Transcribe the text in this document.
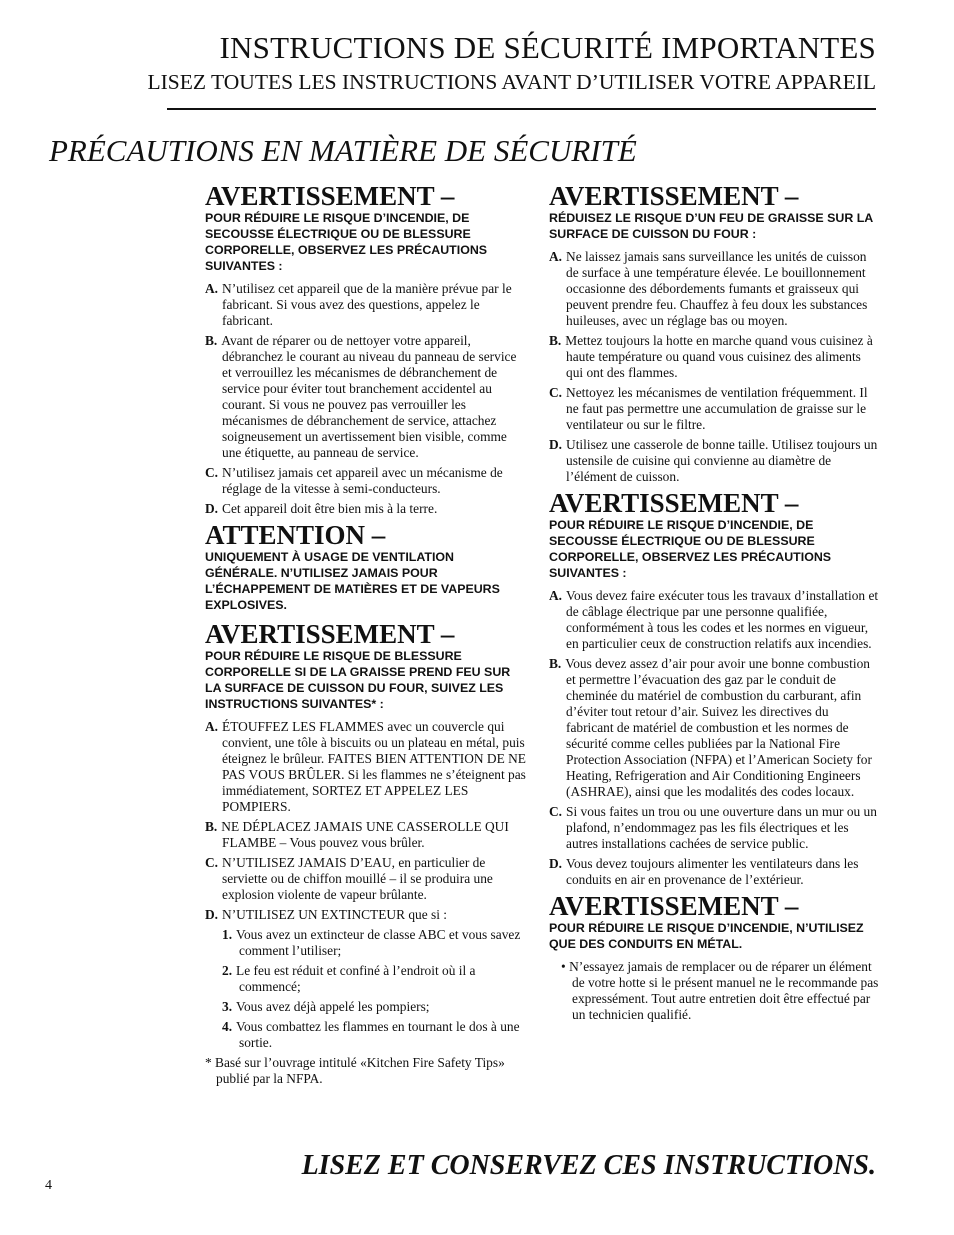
INSTRUCTIONS DE SÉCURITÉ IMPORTANTES
LISEZ TOUTES LES INSTRUCTIONS AVANT D’UTILISER VOTRE APPAREIL
PRÉCAUTIONS EN MATIÈRE DE SÉCURITÉ
AVERTISSEMENT –
POUR RÉDUIRE LE RISQUE D’INCENDIE, DE SECOUSSE ÉLECTRIQUE OU DE BLESSURE CORPORELLE, OBSERVEZ LES PRÉCAUTIONS SUIVANTES :
A. N’utilisez cet appareil que de la manière prévue par le fabricant. Si vous avez des questions, appelez le fabricant.
B. Avant de réparer ou de nettoyer votre appareil, débranchez le courant au niveau du panneau de service et verrouillez les mécanismes de débranchement de service pour éviter tout branchement accidentel au courant. Si vous ne pouvez pas verrouiller les mécanismes de débranchement de service, attachez soigneusement un avertissement bien visible, comme une étiquette, au panneau de service.
C. N’utilisez jamais cet appareil avec un mécanisme de réglage de la vitesse à semi-conducteurs.
D. Cet appareil doit être bien mis à la terre.
ATTENTION –
UNIQUEMENT À USAGE DE VENTILATION GÉNÉRALE. N’UTILISEZ JAMAIS POUR L’ÉCHAPPEMENT DE MATIÈRES ET DE VAPEURS EXPLOSIVES.
AVERTISSEMENT –
POUR RÉDUIRE LE RISQUE DE BLESSURE CORPORELLE SI DE LA GRAISSE PREND FEU SUR LA SURFACE DE CUISSON DU FOUR, SUIVEZ LES INSTRUCTIONS SUIVANTES* :
A. ÉTOUFFEZ LES FLAMMES avec un couvercle qui convient, une tôle à biscuits ou un plateau en métal, puis éteignez le brûleur. FAITES BIEN ATTENTION DE NE PAS VOUS BRÛLER. Si les flammes ne s’éteignent pas immédiatement, SORTEZ ET APPELEZ LES POMPIERS.
B. NE DÉPLACEZ JAMAIS UNE CASSEROLLE QUI FLAMBE – Vous pouvez vous brûler.
C. N’UTILISEZ JAMAIS D’EAU, en particulier de serviette ou de chiffon mouillé – il se produira une explosion violente de vapeur brûlante.
D. N’UTILISEZ UN EXTINCTEUR que si :
1. Vous avez un extincteur de classe ABC et vous savez comment l’utiliser;
2. Le feu est réduit et confiné à l’endroit où il a commencé;
3. Vous avez déjà appelé les pompiers;
4. Vous combattez les flammes en tournant le dos à une sortie.
* Basé sur l’ouvrage intitulé «Kitchen Fire Safety Tips» publié par la NFPA.
AVERTISSEMENT –
RÉDUISEZ LE RISQUE D’UN FEU DE GRAISSE SUR LA SURFACE DE CUISSON DU FOUR :
A. Ne laissez jamais sans surveillance les unités de cuisson de surface à une température élevée. Le bouillonnement occasionne des débordements fumants et graisseux qui peuvent prendre feu. Chauffez à feu doux les substances huileuses, avec un réglage bas ou moyen.
B. Mettez toujours la hotte en marche quand vous cuisinez à haute température ou quand vous cuisinez des aliments qui ont des flammes.
C. Nettoyez les mécanismes de ventilation fréquemment. Il ne faut pas permettre une accumulation de graisse sur le ventilateur ou sur le filtre.
D. Utilisez une casserole de bonne taille. Utilisez toujours un ustensile de cuisine qui convienne au diamètre de l’élément de cuisson.
AVERTISSEMENT –
POUR RÉDUIRE LE RISQUE D’INCENDIE, DE SECOUSSE ÉLECTRIQUE OU DE BLESSURE CORPORELLE, OBSERVEZ LES PRÉCAUTIONS SUIVANTES :
A. Vous devez faire exécuter tous les travaux d’installation et de câblage électrique par une personne qualifiée, conformément à tous les codes et les normes en vigueur, en particulier ceux de construction relatifs aux incendies.
B. Vous devez assez d’air pour avoir une bonne combustion et permettre l’évacuation des gaz par le conduit de cheminée du matériel de combustion du carburant, afin d’éviter tout retour d’air. Suivez les directives du fabricant de matériel de combustion et les normes de sécurité comme celles publiées par la National Fire Protection Association (NFPA) et l’American Society for Heating, Refrigeration and Air Conditioning Engineers (ASHRAE), ainsi que les modalités des codes locaux.
C. Si vous faites un trou ou une ouverture dans un mur ou un plafond, n’endommagez pas les fils électriques et les autres installations cachées de service public.
D. Vous devez toujours alimenter les ventilateurs dans les conduits en air en provenance de l’extérieur.
AVERTISSEMENT –
POUR RÉDUIRE LE RISQUE D’INCENDIE, N’UTILISEZ QUE DES CONDUITS EN MÉTAL.
• N’essayez jamais de remplacer ou de réparer un élément de votre hotte si le présent manuel ne le recommande pas expressément. Tout autre entretien doit être effectué par un technicien qualifié.
LISEZ ET CONSERVEZ CES INSTRUCTIONS.
4
